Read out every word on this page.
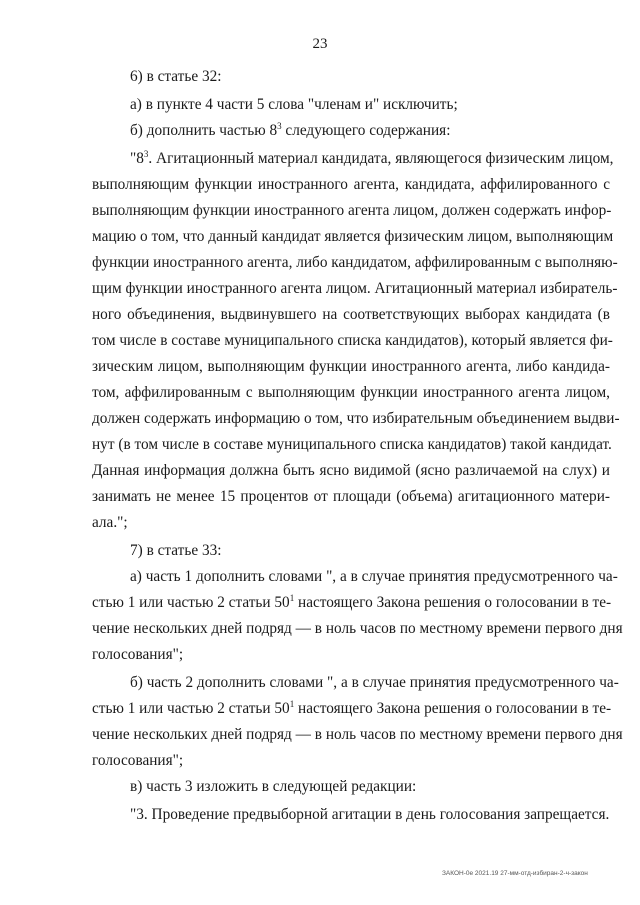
23
6) в статье 32:
а) в пункте 4 части 5 слова "членам и" исключить;
б) дополнить частью $8^3$ следующего содержания:
"$8^3$. Агитационный материал кандидата, являющегося физическим лицом,
выполняющим функции иностранного агента, кандидата, аффилированного с
выполняющим функции иностранного агента лицом, должен содержать инфор-
мацию о том, что данный кандидат является физическим лицом, выполняющим
функции иностранного агента, либо кандидатом, аффилированным с выполняю-
щим функции иностранного агента лицом. Агитационный материал избиратель-
ного объединения, выдвинувшего на соответствующих выборах кандидата (в
том числе в составе муниципального списка кандидатов), который является фи-
зическим лицом, выполняющим функции иностранного агента, либо кандида-
том, аффилированным с выполняющим функции иностранного агента лицом,
должен содержать информацию о том, что избирательным объединением выдви-
нут (в том числе в составе муниципального списка кандидатов) такой кандидат.
Данная информация должна быть ясно видимой (ясно различаемой на слух) и
занимать не менее 15 процентов от площади (объема) агитационного матери-
ала.";
7) в статье 33:
а) часть 1 дополнить словами ", а в случае принятия предусмотренного ча-
стью 1 или частью 2 статьи $50^1$ настоящего Закона решения о голосовании в те-
чение нескольких дней подряд — в ноль часов по местному времени первого дня
голосования";
б) часть 2 дополнить словами ", а в случае принятия предусмотренного ча-
стью 1 или частью 2 статьи $50^1$ настоящего Закона решения о голосовании в те-
чение нескольких дней подряд — в ноль часов по местному времени первого дня
голосования";
в) часть 3 изложить в следующей редакции:
"3. Проведение предвыборной агитации в день голосования запрещается.
ЗАКОН-0е 2021.19 27-мм-отд-избиран-2-ч-закон
